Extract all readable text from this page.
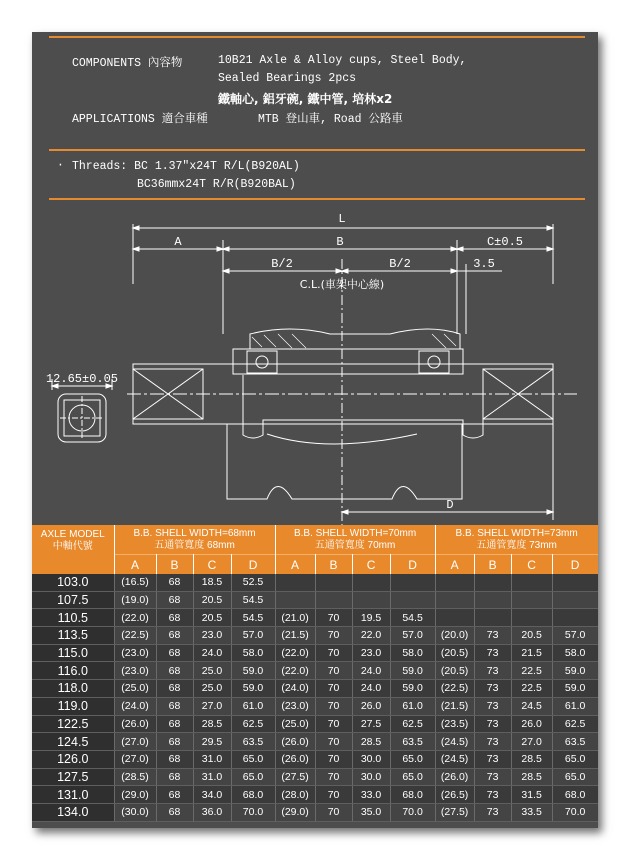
COMPONENTS 內容物	10B21 Axle & Alloy cups, Steel Body,
Sealed Bearings 2pcs
鐵軸心, 鋁牙碗, 鐵中管, 培林x2
APPLICATIONS 適合車種	MTB 登山車, Road 公路車
· Threads: BC 1.37"x24T R/L(B920AL)
BC36mmx24T R/R(B920BAL)
L
A	B	C±0.5
B/2	B/2	3.5
C.L.(車架中心線)
12.65±0.05
D
AXLE MODEL
中軸代號	B.B. SHELL WIDTH=68mm
五通管寬度 68mm				B.B. SHELL WIDTH=70mm
五通管寬度 70mm				B.B. SHELL WIDTH=73mm
五通管寬度 73mm			
	A	B	C	D	A	B	C	D	A	B	C	D
103.0	(16.5)	68	18.5	52.5								
107.5	(19.0)	68	20.5	54.5								
110.5	(22.0)	68	20.5	54.5	(21.0)	70	19.5	54.5				
113.5	(22.5)	68	23.0	57.0	(21.5)	70	22.0	57.0	(20.0)	73	20.5	57.0
115.0	(23.0)	68	24.0	58.0	(22.0)	70	23.0	58.0	(20.5)	73	21.5	58.0
116.0	(23.0)	68	25.0	59.0	(22.0)	70	24.0	59.0	(20.5)	73	22.5	59.0
118.0	(25.0)	68	25.0	59.0	(24.0)	70	24.0	59.0	(22.5)	73	22.5	59.0
119.0	(24.0)	68	27.0	61.0	(23.0)	70	26.0	61.0	(21.5)	73	24.5	61.0
122.5	(26.0)	68	28.5	62.5	(25.0)	70	27.5	62.5	(23.5)	73	26.0	62.5
124.5	(27.0)	68	29.5	63.5	(26.0)	70	28.5	63.5	(24.5)	73	27.0	63.5
126.0	(27.0)	68	31.0	65.0	(26.0)	70	30.0	65.0	(24.5)	73	28.5	65.0
127.5	(28.5)	68	31.0	65.0	(27.5)	70	30.0	65.0	(26.0)	73	28.5	65.0
131.0	(29.0)	68	34.0	68.0	(28.0)	70	33.0	68.0	(26.5)	73	31.5	68.0
134.0	(30.0)	68	36.0	70.0	(29.0)	70	35.0	70.0	(27.5)	73	33.5	70.0
